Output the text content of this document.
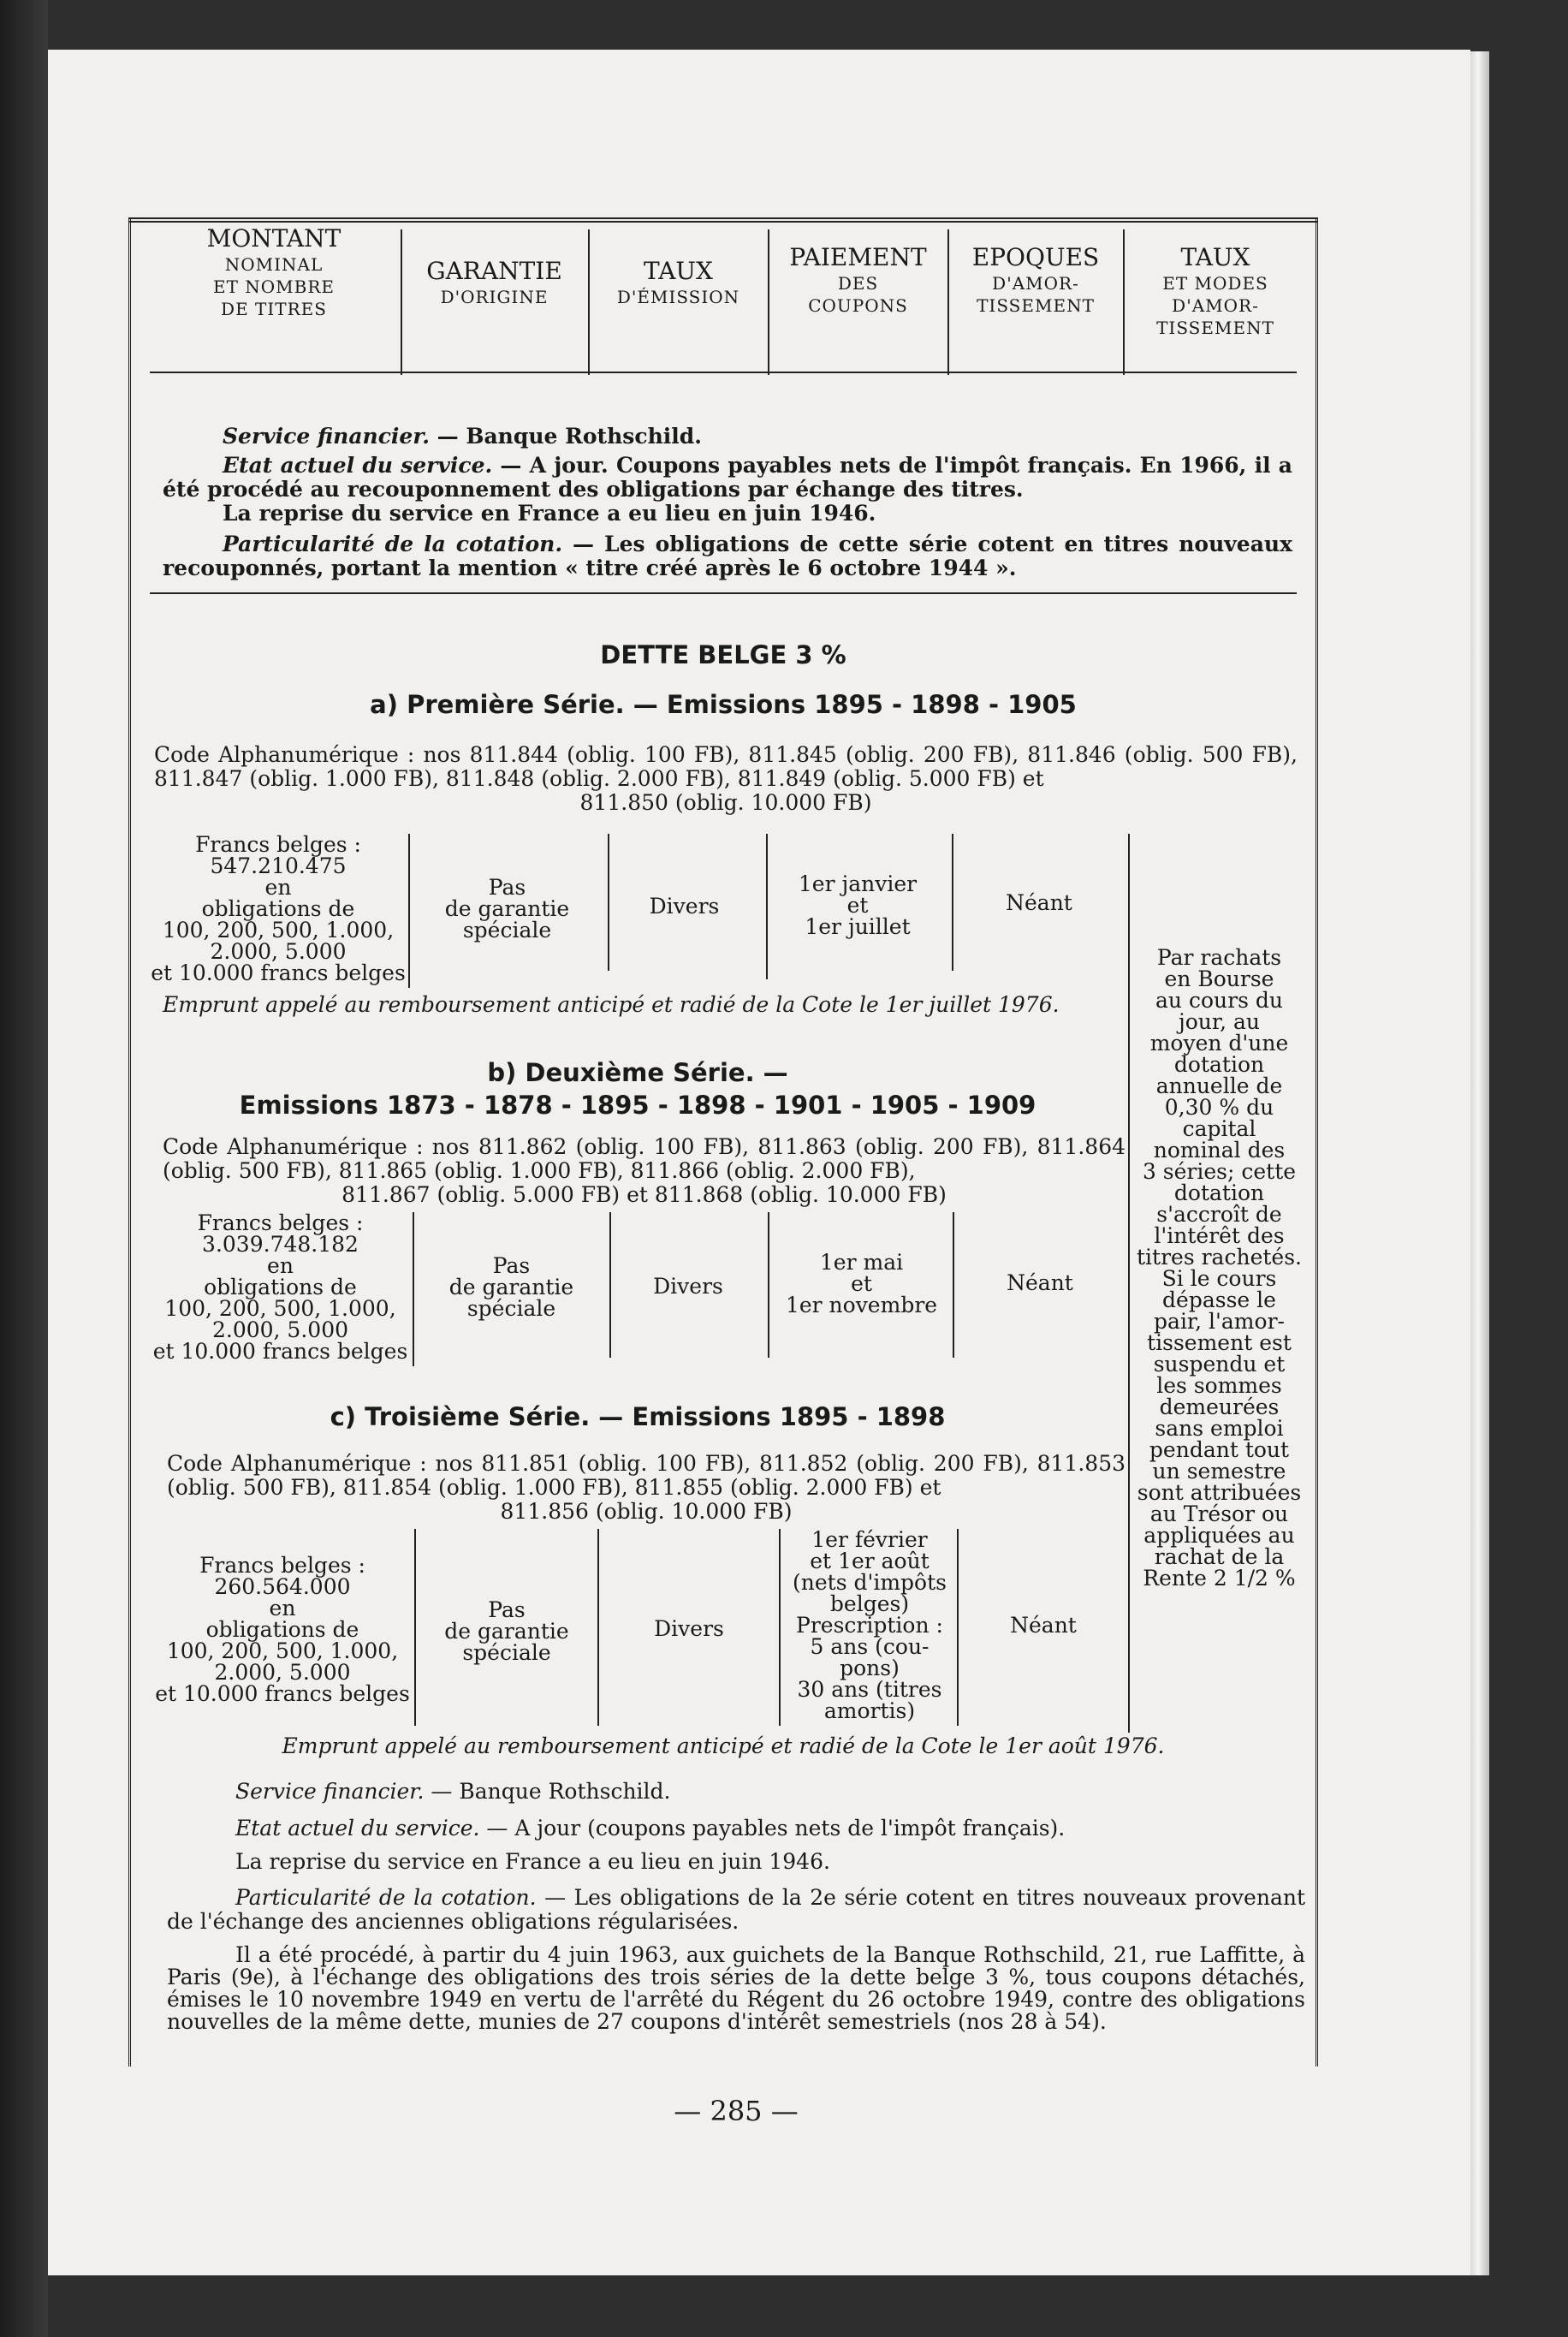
MONTANT
NOMINAL
ET NOMBRE
DE TITRES
GARANTIE
D'ORIGINE
TAUX
D'ÉMISSION
PAIEMENT
DES
COUPONS
EPOQUES
D'AMOR-
TISSEMENT
TAUX
ET MODES
D'AMOR-
TISSEMENT
Service financier. — Banque Rothschild.
Etat actuel du service. — A jour. Coupons payables nets de l'impôt français. En 1966, il a été procédé au recouponnement des obligations par échange des titres.
La reprise du service en France a eu lieu en juin 1946.
Particularité de la cotation. — Les obligations de cette série cotent en titres nouveaux recouponnés, portant la mention « titre créé après le 6 octobre 1944 ».
DETTE BELGE 3 %
a) Première Série. — Emissions 1895 - 1898 - 1905
Code Alphanumérique : nos 811.844 (oblig. 100 FB), 811.845 (oblig. 200 FB), 811.846 (oblig. 500 FB), 811.847 (oblig. 1.000 FB), 811.848 (oblig. 2.000 FB), 811.849 (oblig. 5.000 FB) et
811.850 (oblig. 10.000 FB)
Francs belges :
547.210.475
en
obligations de
100, 200, 500, 1.000,
2.000, 5.000
et 10.000 francs belges
Pas
de garantie
spéciale
Divers
1er janvier
et
1er juillet
Néant
Par rachats
en Bourse
au cours du
jour, au
moyen d'une
dotation
annuelle de
0,30 % du
capital
nominal des
3 séries; cette
dotation
s'accroît de
l'intérêt des
titres rachetés.
Si le cours
dépasse le
pair, l'amor-
tissement est
suspendu et
les sommes
demeurées
sans emploi
pendant tout
un semestre
sont attribuées
au Trésor ou
appliquées au
rachat de la
Rente 2 1/2 %
Emprunt appelé au remboursement anticipé et radié de la Cote le 1er juillet 1976.
b) Deuxième Série. —
Emissions 1873 - 1878 - 1895 - 1898 - 1901 - 1905 - 1909
Code Alphanumérique : nos 811.862 (oblig. 100 FB), 811.863 (oblig. 200 FB), 811.864 (oblig. 500 FB), 811.865 (oblig. 1.000 FB), 811.866 (oblig. 2.000 FB),
811.867 (oblig. 5.000 FB) et 811.868 (oblig. 10.000 FB)
Francs belges :
3.039.748.182
en
obligations de
100, 200, 500, 1.000,
2.000, 5.000
et 10.000 francs belges
Pas
de garantie
spéciale
Divers
1er mai
et
1er novembre
Néant
c) Troisième Série. — Emissions 1895 - 1898
Code Alphanumérique : nos 811.851 (oblig. 100 FB), 811.852 (oblig. 200 FB), 811.853 (oblig. 500 FB), 811.854 (oblig. 1.000 FB), 811.855 (oblig. 2.000 FB) et
811.856 (oblig. 10.000 FB)
Francs belges :
260.564.000
en
obligations de
100, 200, 500, 1.000,
2.000, 5.000
et 10.000 francs belges
Pas
de garantie
spéciale
Divers
1er février
et 1er août
(nets d'impôts
belges)
Prescription :
5 ans (cou-
pons)
30 ans (titres
amortis)
Néant
Emprunt appelé au remboursement anticipé et radié de la Cote le 1er août 1976.
Service financier. — Banque Rothschild.
Etat actuel du service. — A jour (coupons payables nets de l'impôt français).
La reprise du service en France a eu lieu en juin 1946.
Particularité de la cotation. — Les obligations de la 2e série cotent en titres nouveaux provenant de l'échange des anciennes obligations régularisées.
Il a été procédé, à partir du 4 juin 1963, aux guichets de la Banque Rothschild, 21, rue Laffitte, à Paris (9e), à l'échange des obligations des trois séries de la dette belge 3 %, tous coupons détachés, émises le 10 novembre 1949 en vertu de l'arrêté du Régent du 26 octobre 1949, contre des obligations nouvelles de la même dette, munies de 27 coupons d'intérêt semestriels (nos 28 à 54).
— 285 —
